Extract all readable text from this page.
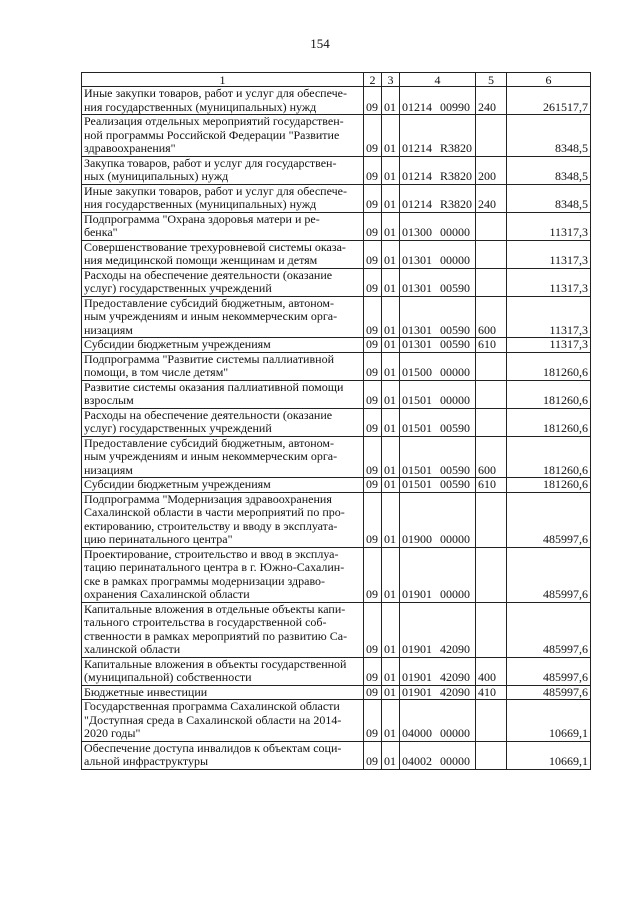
154
1	2	3	4	5	6
Иные закупки товаров, работ и услуг для обеспече-
ния государственных (муниципальных) нужд	09	01	01214 00990	240	261517,7
Реализация отдельных мероприятий государствен-
ной программы Российской Федерации "Развитие
здравоохранения"	09	01	01214 R3820		8348,5
Закупка товаров, работ и услуг для государствен-
ных (муниципальных) нужд	09	01	01214 R3820	200	8348,5
Иные закупки товаров, работ и услуг для обеспече-
ния государственных (муниципальных) нужд	09	01	01214 R3820	240	8348,5
Подпрограмма "Охрана здоровья матери и ре-
бенка"	09	01	01300 00000		11317,3
Совершенствование трехуровневой системы оказа-
ния медицинской помощи женщинам и детям	09	01	01301 00000		11317,3
Расходы на обеспечение деятельности (оказание
услуг) государственных учреждений	09	01	01301 00590		11317,3
Предоставление субсидий бюджетным, автоном-
ным учреждениям и иным некоммерческим орга-
низациям	09	01	01301 00590	600	11317,3
Субсидии бюджетным учреждениям	09	01	01301 00590	610	11317,3
Подпрограмма "Развитие системы паллиативной
помощи, в том числе детям"	09	01	01500 00000		181260,6
Развитие системы оказания паллиативной помощи
взрослым	09	01	01501 00000		181260,6
Расходы на обеспечение деятельности (оказание
услуг) государственных учреждений	09	01	01501 00590		181260,6
Предоставление субсидий бюджетным, автоном-
ным учреждениям и иным некоммерческим орга-
низациям	09	01	01501 00590	600	181260,6
Субсидии бюджетным учреждениям	09	01	01501 00590	610	181260,6
Подпрограмма "Модернизация здравоохранения
Сахалинской области в части мероприятий по про-
ектированию, строительству и вводу в эксплуата-
цию перинатального центра"	09	01	01900 00000		485997,6
Проектирование, строительство и ввод в эксплуа-
тацию перинатального центра в г. Южно-Сахалин-
ске в рамках программы модернизации здраво-
охранения Сахалинской области	09	01	01901 00000		485997,6
Капитальные вложения в отдельные объекты капи-
тального строительства в государственной соб-
ственности в рамках мероприятий по развитию Са-
халинской области	09	01	01901 42090		485997,6
Капитальные вложения в объекты государственной
(муниципальной) собственности	09	01	01901 42090	400	485997,6
Бюджетные инвестиции	09	01	01901 42090	410	485997,6
Государственная программа Сахалинской области
"Доступная среда в Сахалинской области на 2014-
2020 годы"	09	01	04000 00000		10669,1
Обеспечение доступа инвалидов к объектам соци-
альной инфраструктуры	09	01	04002 00000		10669,1
